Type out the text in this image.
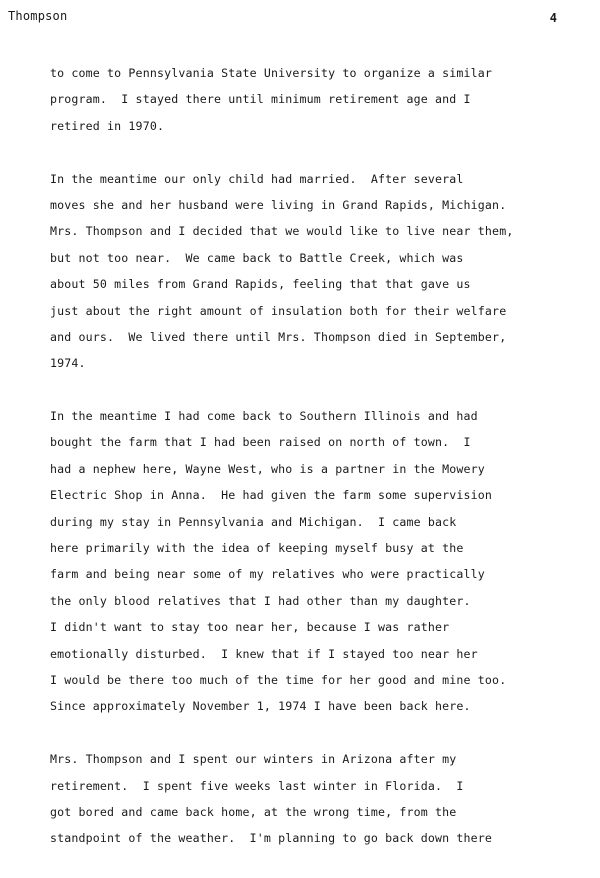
Thompson	4
to come to Pennsylvania State University to organize a similar
program.  I stayed there until minimum retirement age and I
retired in 1970.
In the meantime our only child had married.  After several
moves she and her husband were living in Grand Rapids, Michigan.
Mrs. Thompson and I decided that we would like to live near them,
but not too near.  We came back to Battle Creek, which was
about 50 miles from Grand Rapids, feeling that that gave us
just about the right amount of insulation both for their welfare
and ours.  We lived there until Mrs. Thompson died in September,
1974.
In the meantime I had come back to Southern Illinois and had
bought the farm that I had been raised on north of town.  I
had a nephew here, Wayne West, who is a partner in the Mowery
Electric Shop in Anna.  He had given the farm some supervision
during my stay in Pennsylvania and Michigan.  I came back
here primarily with the idea of keeping myself busy at the
farm and being near some of my relatives who were practically
the only blood relatives that I had other than my daughter.
I didn't want to stay too near her, because I was rather
emotionally disturbed.  I knew that if I stayed too near her
I would be there too much of the time for her good and mine too.
Since approximately November 1, 1974 I have been back here.
Mrs. Thompson and I spent our winters in Arizona after my
retirement.  I spent five weeks last winter in Florida.  I
got bored and came back home, at the wrong time, from the
standpoint of the weather.  I'm planning to go back down there
